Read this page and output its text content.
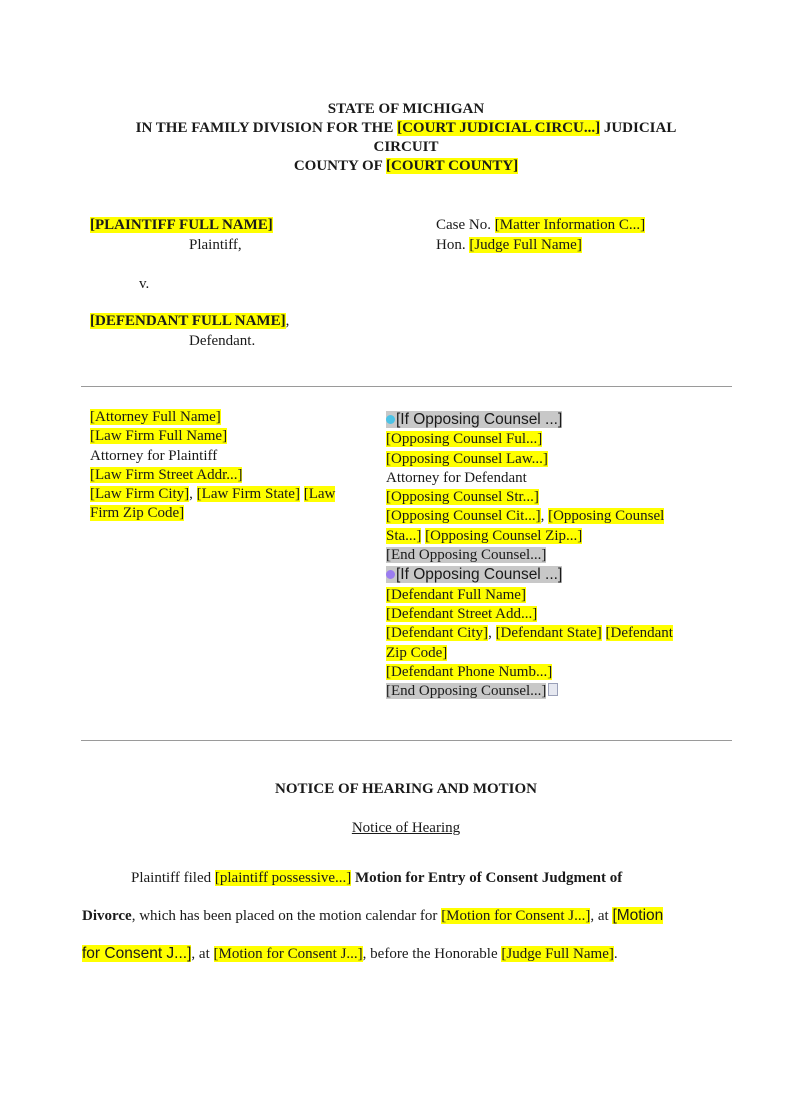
STATE OF MICHIGAN
IN THE FAMILY DIVISION FOR THE [COURT JUDICIAL CIRCU...] JUDICIAL
CIRCUIT
COUNTY OF [COURT COUNTY]
[PLAINTIFF FULL NAME]
Plaintiff,
Case No. [Matter Information C...]
Hon. [Judge Full Name]
v.
[DEFENDANT FULL NAME],
Defendant.
[Attorney Full Name]
[Law Firm Full Name]
Attorney for Plaintiff
[Law Firm Street Addr...]
[Law Firm City], [Law Firm State] [Law
Firm Zip Code]
[If Opposing Counsel ...]
[Opposing Counsel Ful...]
[Opposing Counsel Law...]
Attorney for Defendant
[Opposing Counsel Str...]
[Opposing Counsel Cit...], [Opposing Counsel
Sta...] [Opposing Counsel Zip...]
[End Opposing Counsel...]
[If Opposing Counsel ...]
[Defendant Full Name]
[Defendant Street Add...]
[Defendant City], [Defendant State] [Defendant
Zip Code]
[Defendant Phone Numb...]
[End Opposing Counsel...]
NOTICE OF HEARING AND MOTION
Notice of Hearing
Plaintiff filed [plaintiff possessive...] Motion for Entry of Consent Judgment of
Divorce, which has been placed on the motion calendar for [Motion for Consent J...], at [Motion
for Consent J...], at [Motion for Consent J...], before the Honorable [Judge Full Name].
